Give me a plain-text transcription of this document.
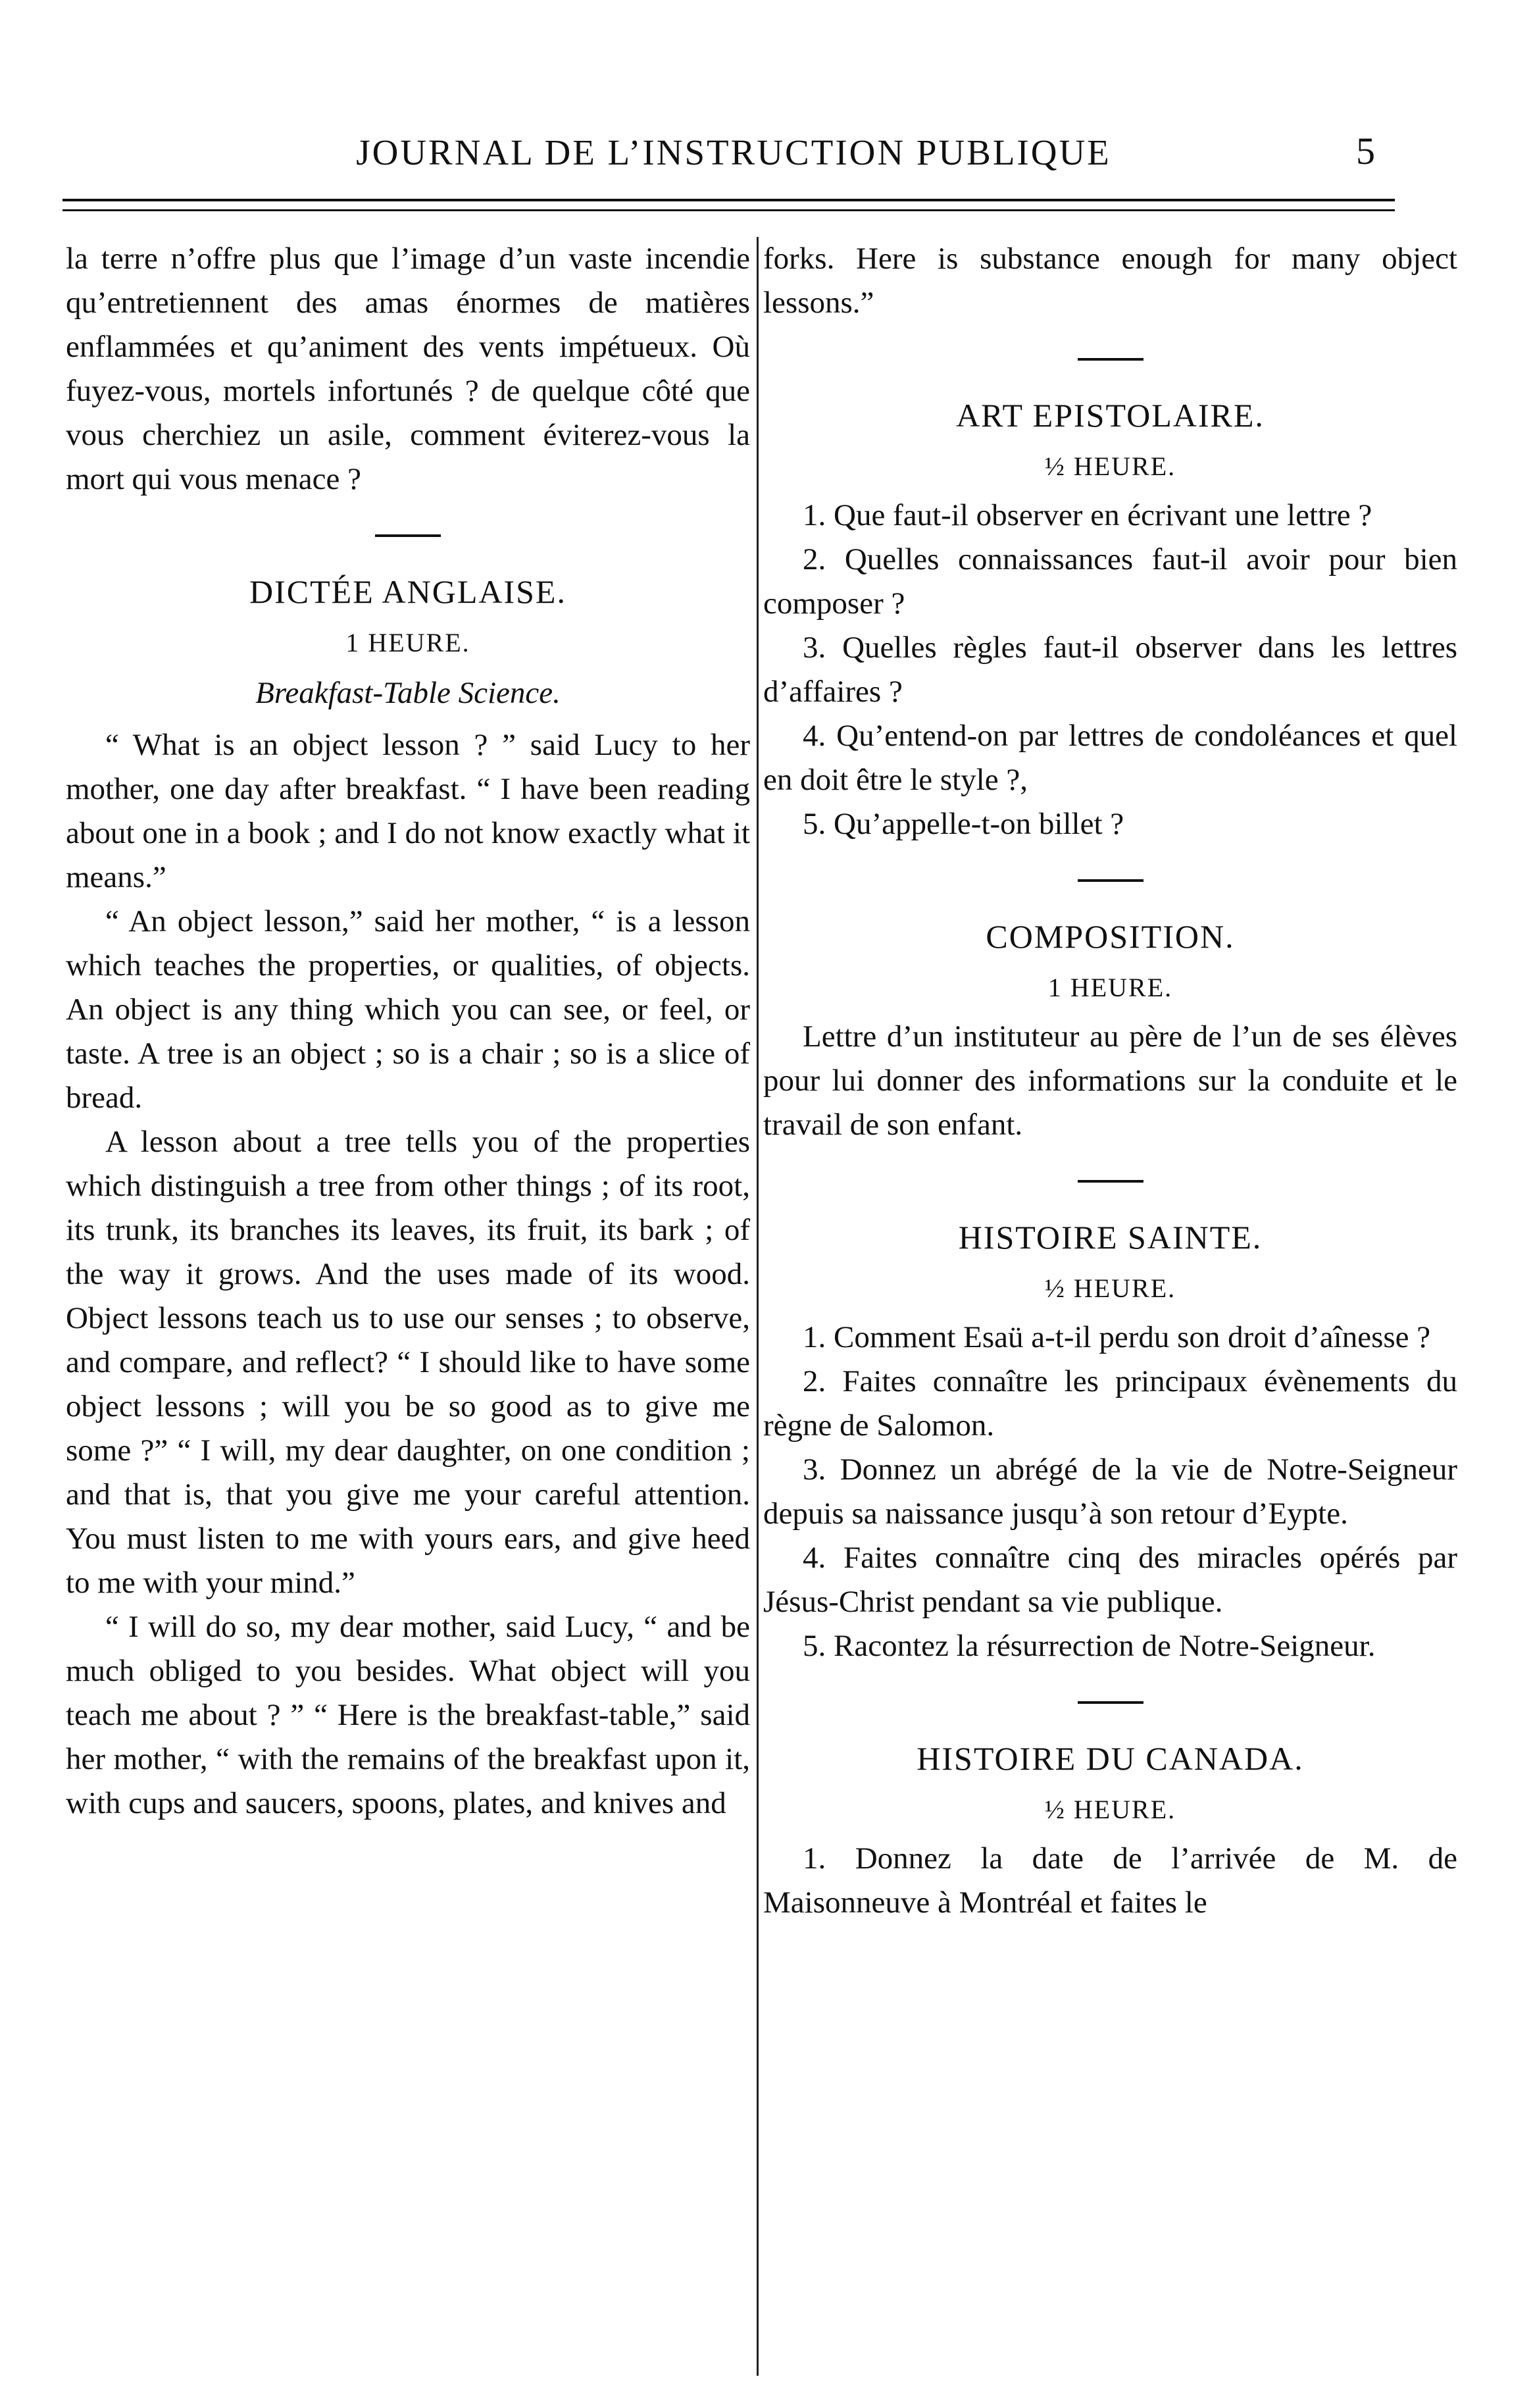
JOURNAL DE L’INSTRUCTION PUBLIQUE	5

la terre n’offre plus que l’image d’un vaste incendie qu’entretiennent des amas énormes de matières enflammées et qu’animent des vents impétueux. Où fuyez-vous, mortels infortunés ? de quelque côté que vous cherchiez un asile, comment éviterez-vous la mort qui vous menace ?

DICTÉE ANGLAISE.
1 HEURE.
Breakfast-Table Science.

“ What is an object lesson ? ” said Lucy to her mother, one day after breakfast. “ I have been reading about one in a book ; and I do not know exactly what it means.”

“ An object lesson,” said her mother, “ is a lesson which teaches the properties, or qualities, of objects. An object is any thing which you can see, or feel, or taste. A tree is an object ; so is a chair ; so is a slice of bread.

A lesson about a tree tells you of the properties which distinguish a tree from other things ; of its root, its trunk, its branches its leaves, its fruit, its bark ; of the way it grows. And the uses made of its wood. Object lessons teach us to use our senses ; to observe, and compare, and reflect? “ I should like to have some object lessons ; will you be so good as to give me some ?” “ I will, my dear daughter, on one condition ; and that is, that you give me your careful attention. You must listen to me with yours ears, and give heed to me with your mind.”

“ I will do so, my dear mother, said Lucy, “ and be much obliged to you besides. What object will you teach me about ? ” “ Here is the breakfast-table,” said her mother, “ with the remains of the breakfast upon it, with cups and saucers, spoons, plates, and knives and

forks. Here is substance enough for many object lessons.”

ART EPISTOLAIRE.
½ HEURE.

1. Que faut-il observer en écrivant une lettre ?

2. Quelles connaissances faut-il avoir pour bien composer ?

3. Quelles règles faut-il observer dans les lettres d’affaires ?

4. Qu’entend-on par lettres de condoléances et quel en doit être le style ?,

5. Qu’appelle-t-on billet ?

COMPOSITION.
1 HEURE.

Lettre d’un instituteur au père de l’un de ses élèves pour lui donner des informations sur la conduite et le travail de son enfant.

HISTOIRE SAINTE.
½ HEURE.

1. Comment Esaü a-t-il perdu son droit d’aînesse ?

2. Faites connaître les principaux évènements du règne de Salomon.

3. Donnez un abrégé de la vie de Notre-Seigneur depuis sa naissance jusqu’à son retour d’Eypte.

4. Faites connaître cinq des miracles opérés par Jésus-Christ pendant sa vie publique.

5. Racontez la résurrection de Notre-Seigneur.

HISTOIRE DU CANADA.
½ HEURE.

1. Donnez la date de l’arrivée de M. de Maisonneuve à Montréal et faites le
